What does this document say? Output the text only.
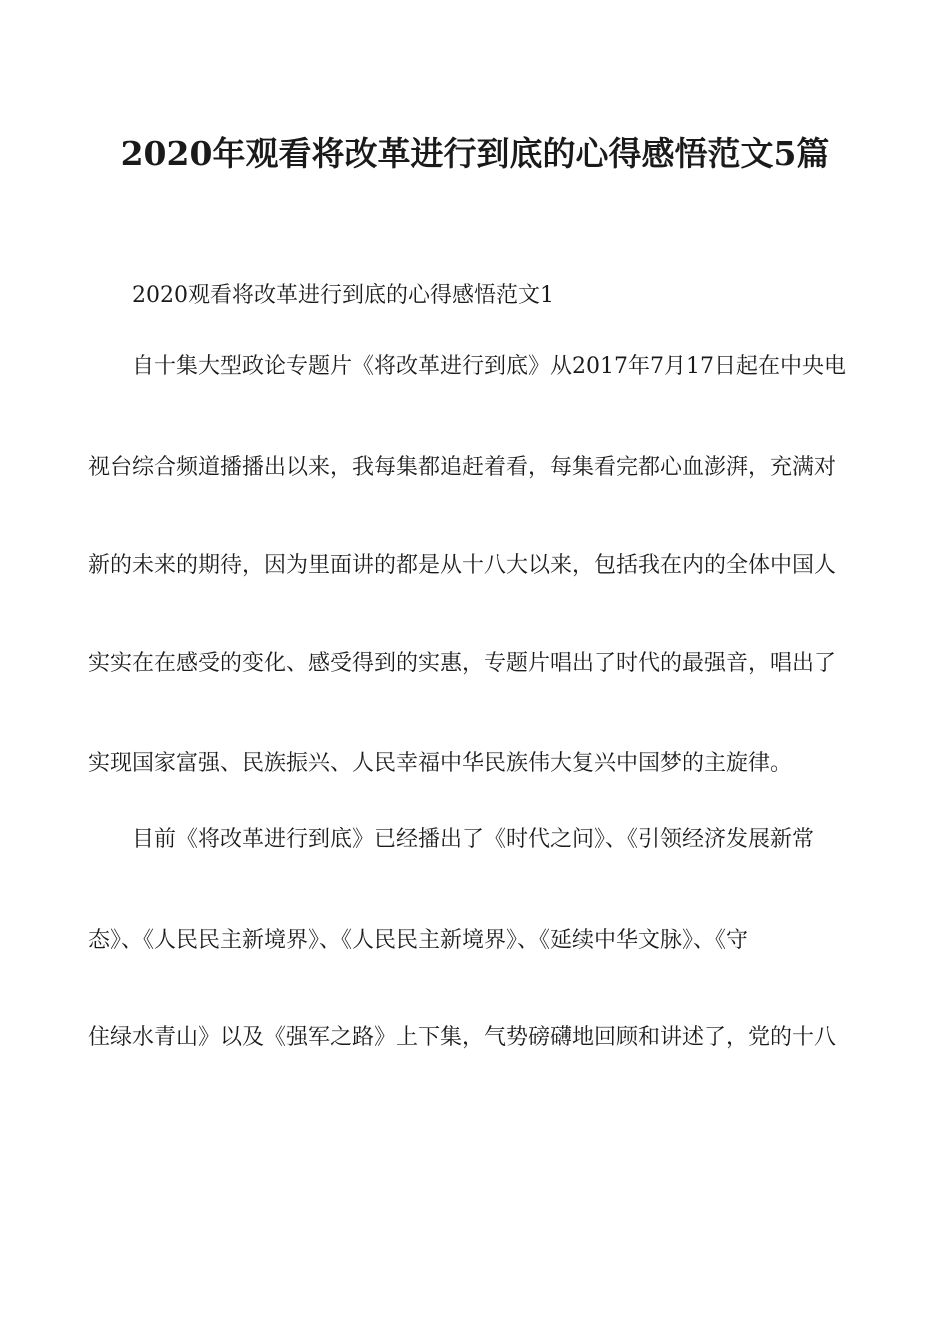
2020年观看将改革进行到底的心得感悟范文5篇
2020观看将改革进行到底的心得感悟范文1
自十集大型政论专题片《将改革进行到底》从2017年7月17日起在中央电
视台综合频道播播出以来，我每集都追赶着看，每集看完都心血澎湃，充满对
新的未来的期待，因为里面讲的都是从十八大以来，包括我在内的全体中国人
实实在在感受的变化、感受得到的实惠，专题片唱出了时代的最强音，唱出了
实现国家富强、民族振兴、人民幸福中华民族伟大复兴中国梦的主旋律。
目前《将改革进行到底》已经播出了《时代之问》、《引领经济发展新常
态》、《人民民主新境界》、《人民民主新境界》、《延续中华文脉》、《守
住绿水青山》以及《强军之路》上下集，气势磅礴地回顾和讲述了，党的十八
